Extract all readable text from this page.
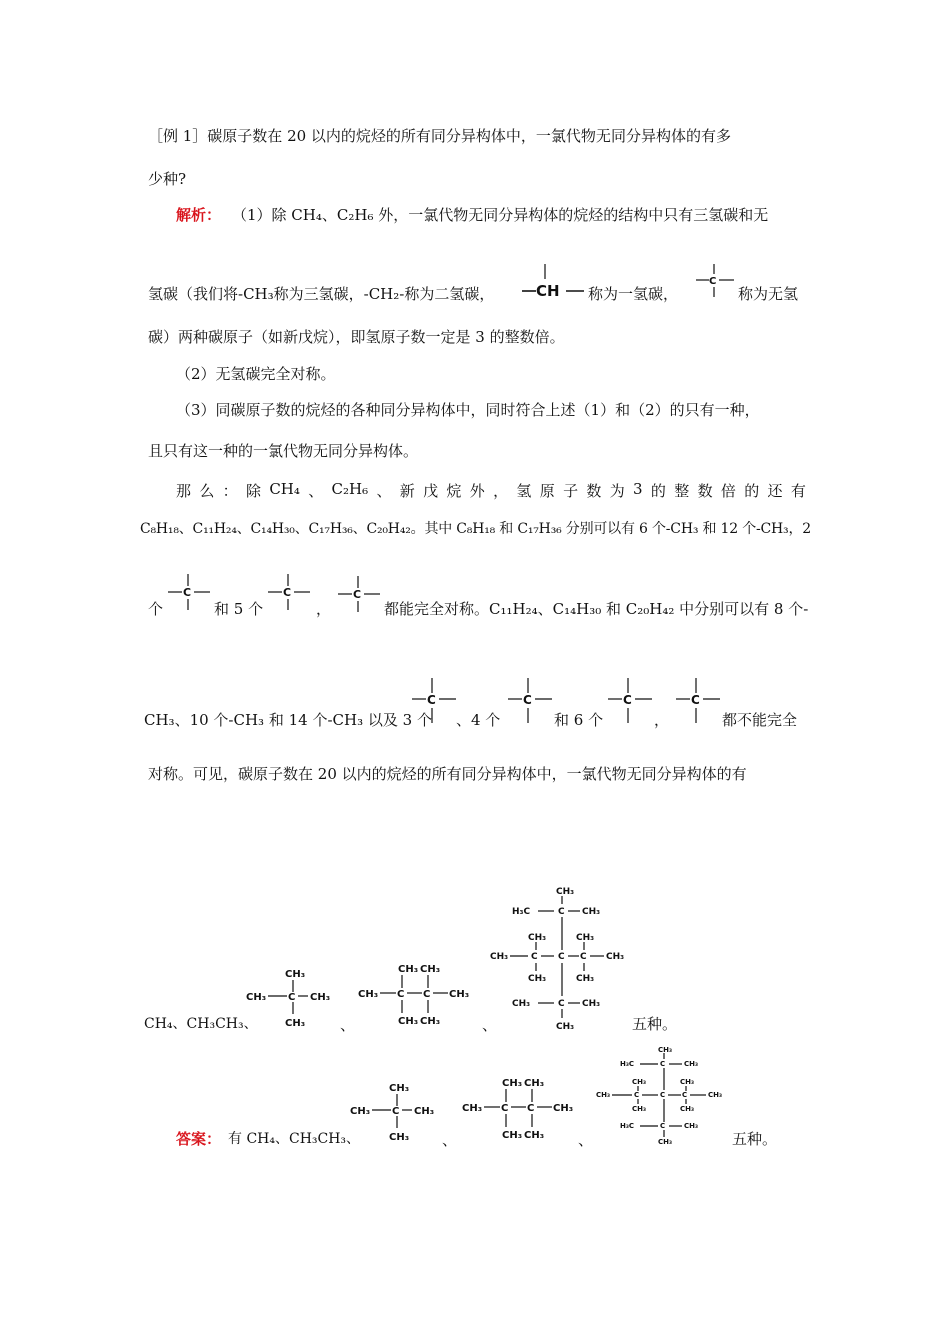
［例 1］碳原子数在 20 以内的烷烃的所有同分异构体中，一氯代物无同分异构体的有多
少种?
解析： （1）除 CH₄、C₂H₆ 外，一氯代物无同分异构体的烷烃的结构中只有三氢碳和无
氢碳（我们将-CH₃称为三氢碳，-CH₂-称为二氢碳，	CH 称为一氢碳，
C
称为无氢
碳）两种碳原子（如新戊烷），即氢原子数一定是 3 的整数倍。
（2）无氢碳完全对称。
（3）同碳原子数的烷烃的各种同分异构体中，同时符合上述（1）和（2）的只有一种，
且只有这一种的一氯代物无同分异构体。
那 么 ： 除 CH₄ 、 C₂H₆ 、 新 戊 烷 外 ， 氢 原 子 数 为 3 的 整 数 倍 的 还 有
C₈H₁₈、C₁₁H₂₄、C₁₄H₃₀、C₁₇H₃₆、C₂₀H₄₂。其中 C₈H₁₈ 和 C₁₇H₃₆ 分别可以有 6 个-CH₃ 和 12 个-CH₃，2
个
C
和 5 个
C
，
C
都能完全对称。C₁₁H₂₄、C₁₄H₃₀ 和 C₂₀H₄₂ 中分别可以有 8 个-
CH₃、10 个-CH₃ 和 14 个-CH₃ 以及 3 个
C
、4 个
C
和 6 个
C
，
C
都不能完全
对称。可见，碳原子数在 20 以内的烷烃的所有同分异构体中，一氯代物无同分异构体的有
CH₄、CH₃CH₃、
CH₃
CH₃ C CH₃
CH₃ 、
CH₃ CH₃
CH₃ C C CH₃
CH₃ CH₃	、
CH₃
H₃C	C CH₃
CH₃	CH₃
CH₃	C C C CH₃
CH₃	CH₃
CH₃	C CH₃
CH₃	五种。
答案： 有 CH₄、CH₃CH₃、
CH₃
CH₃ C CH₃
CH₃ 、
CH₃ CH₃
CH₃ C C CH₃
CH₃ CH₃ 、
CH₃
H₃C	C	CH₃
CH₃	CH₃
CH₃	C	C C	CH₃
CH₃	CH₃
H₃C	C	CH₃
CH₃	五种。
